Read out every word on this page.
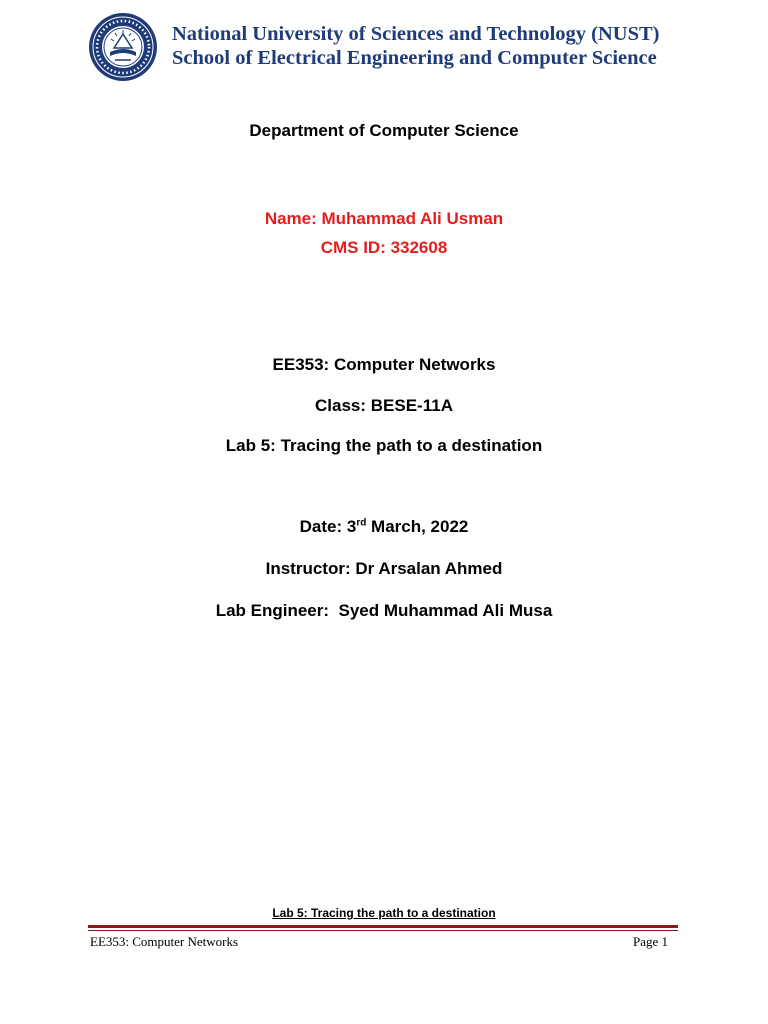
National University of Sciences and Technology (NUST)
School of Electrical Engineering and Computer Science
Department of Computer Science
Name: Muhammad Ali Usman
CMS ID: 332608
EE353: Computer Networks
Class: BESE-11A
Lab 5: Tracing the path to a destination
Date: 3rd March, 2022
Instructor: Dr Arsalan Ahmed
Lab Engineer:  Syed Muhammad Ali Musa
Lab 5: Tracing the path to a destination
EE353: Computer Networks	Page 1
